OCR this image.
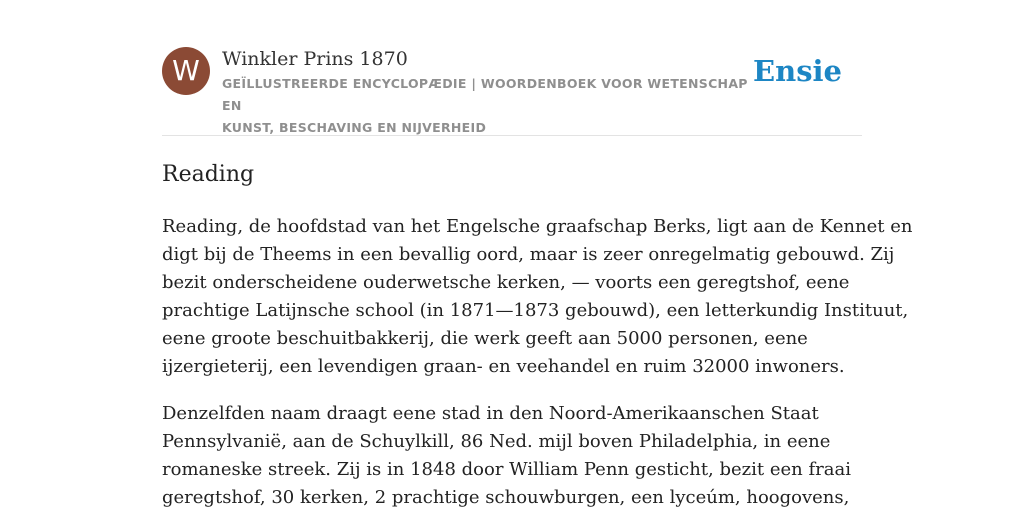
W	Winkler Prins 1870
GEÏLLUSTREERDE ENCYCLOPÆDIE | WOORDENBOEK VOOR WETENSCHAP EN
KUNST, BESCHAVING EN NIJVERHEID
Ensie
Reading

Reading, de hoofdstad van het Engelsche graafschap Berks, ligt aan de Kennet en
digt bij de Theems in een bevallig oord, maar is zeer onregelmatig gebouwd. Zij
bezit onderscheidene ouderwetsche kerken, — voorts een geregtshof, eene
prachtige Latijnsche school (in 1871—1873 gebouwd), een letterkundig Instituut,
eene groote beschuitbakkerij, die werk geeft aan 5000 personen, eene
ijzergieterij, een levendigen graan- en veehandel en ruim 32000 inwoners.

Denzelfden naam draagt eene stad in den Noord-Amerikaanschen Staat
Pennsylvanië, aan de Schuylkill, 86 Ned. mijl boven Philadelphia, in eene
romaneske streek. Zij is in 1848 door William Penn gesticht, bezit een fraai
geregtshof, 30 kerken, 2 prachtige schouwburgen, een lyceúm, hoogovens,
